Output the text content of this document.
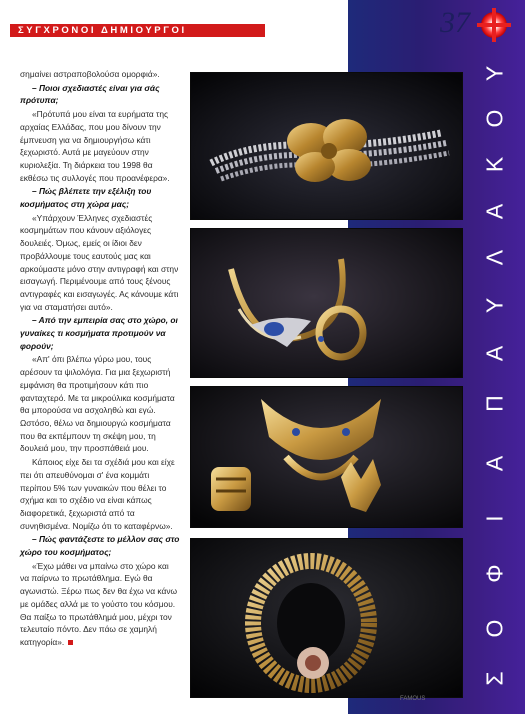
ΣΥΓΧΡΟΝΟΙ ΔΗΜΙΟΥΡΓΟΙ	37
Υ
Ο
Κ
Α
Λ
Υ
Α
Π
Α
Ι
Φ
Ο
Σ

σημαίνει αστραποβολούσα ομορφιά».

– Ποιοι σχεδιαστές είναι για σάς πρότυπα;

«Πρότυπά μου είναι τα ευρήματα της αρχαίας Ελλάδας, που μου δίνουν την έμπνευση για να δημιουργήσω κάτι ξεχωριστό. Αυτά με μαγεύουν στην κυριολεξία. Τη διάρκεια του 1998 θα εκθέσω τις συλλογές που προανέφερα».

– Πώς βλέπετε την εξέλιξη του κοσμήματος στη χώρα μας;

«Υπάρχουν Έλληνες σχεδιαστές κοσμημάτων που κάνουν αξιόλογες δουλειές. Όμως, εμείς οι ίδιοι δεν προβάλλουμε τους εαυτούς μας και αρκούμαστε μόνο στην αντιγραφή και στην εισαγωγή. Περιμένουμε από τους ξένους αντιγραφές και εισαγωγές. Ας κάνουμε κάτι για να σταματήσει αυτό».

– Από την εμπειρία σας στο χώρο, οι γυναίκες τι κοσμήματα προτιμούν να φορούν;

«Απ' όπι βλέπω γύρω μου, τους αρέσουν τα ψιλολόγια. Για μια ξεχωριστή εμφάνιση θα προτιμήσουν κάτι πιο φανταχτερό. Με τα μικρούλικα κοσμήματα θα μπορούσα να ασχοληθώ και εγώ. Ωστόσο, θέλω να δημιουργώ κοσμήματα που θα εκπέμπουν τη σκέψη μου, τη δουλειά μου, την προσπάθειά μου.

Κάποιος είχε δει τα σχέδιά μου και είχε πει ότι απευθύνομαι σ' ένα κομμάτι περίπου 5% των γυναικών που θέλει το σχήμα και το σχέδιο να είναι κάπως διαφορετικά, ξεχωριστά από τα συνηθισμένα. Νομίζω ότι το καταφέρνω».

– Πώς φαντάζεστε το μέλλον σας στο χώρο του κοσμήματος;

«Έχω μάθει να μπαίνω στο χώρο και να παίρνω το πρωτάθλημα. Εγώ θα αγωνιστώ. Ξέρω πως δεν θα έχω να κάνω με ομάδες αλλά με το γούστο του κόσμου. Θα παίξω το πρωτάθλημά μου, μέχρι τον τελευταίο πόντο. Δεν πάω σε χαμηλή κατηγορία».

FAMOUS
